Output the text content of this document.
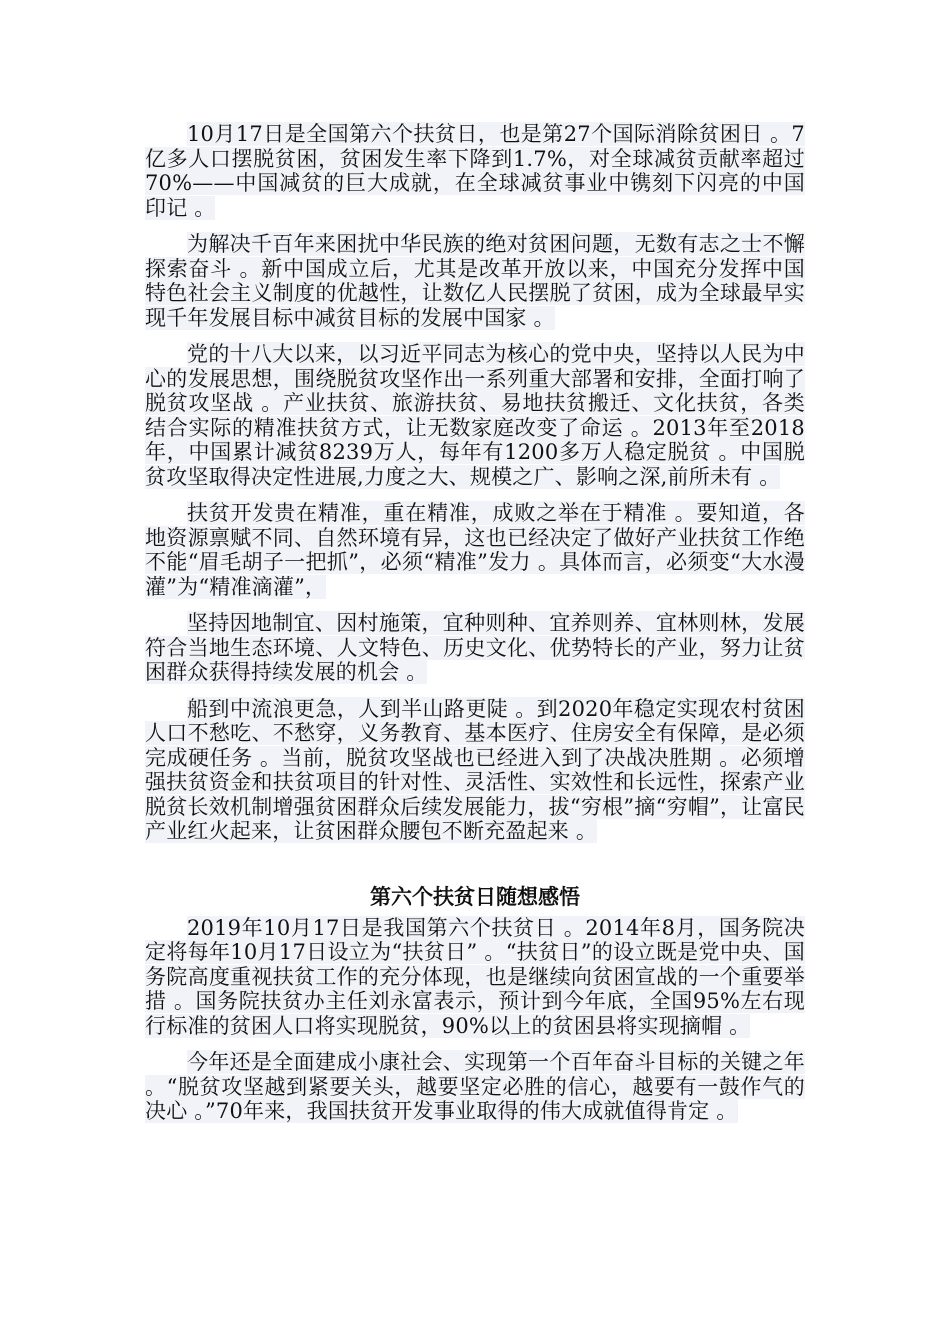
10月17日是全国第六个扶贫日，也是第27个国际消除贫困日 。7亿多人口摆脱贫困，贫困发生率下降到1.7%，对全球减贫贡献率超过70%——中国减贫的巨大成就，在全球减贫事业中镌刻下闪亮的中国印记 。

为解决千百年来困扰中华民族的绝对贫困问题，无数有志之士不懈探索奋斗 。新中国成立后，尤其是改革开放以来，中国充分发挥中国特色社会主义制度的优越性，让数亿人民摆脱了贫困，成为全球最早实现千年发展目标中减贫目标的发展中国家 。

党的十八大以来，以习近平同志为核心的党中央，坚持以人民为中心的发展思想，围绕脱贫攻坚作出一系列重大部署和安排，全面打响了脱贫攻坚战 。产业扶贫、旅游扶贫、易地扶贫搬迁、文化扶贫，各类结合实际的精准扶贫方式，让无数家庭改变了命运 。2013年至2018年，中国累计减贫8239万人，每年有1200多万人稳定脱贫 。中国脱贫攻坚取得决定性进展,力度之大、规模之广、影响之深,前所未有 。

扶贫开发贵在精准，重在精准，成败之举在于精准 。要知道，各地资源禀赋不同、自然环境有异，这也已经决定了做好产业扶贫工作绝不能“眉毛胡子一把抓”，必须“精准”发力 。具体而言，必须变“大水漫灌”为“精准滴灌”，

坚持因地制宜、因村施策，宜种则种、宜养则养、宜林则林，发展符合当地生态环境、人文特色、历史文化、优势特长的产业，努力让贫困群众获得持续发展的机会 。

船到中流浪更急，人到半山路更陡 。到2020年稳定实现农村贫困人口不愁吃、不愁穿，义务教育、基本医疗、住房安全有保障，是必须完成硬任务 。当前，脱贫攻坚战也已经进入到了决战决胜期 。必须增强扶贫资金和扶贫项目的针对性、灵活性、实效性和长远性，探索产业脱贫长效机制增强贫困群众后续发展能力，拔“穷根”摘“穷帽”，让富民产业红火起来，让贫困群众腰包不断充盈起来 。

第六个扶贫日随想感悟

2019年10月17日是我国第六个扶贫日 。2014年8月，国务院决定将每年10月17日设立为“扶贫日” 。“扶贫日”的设立既是党中央、国务院高度重视扶贫工作的充分体现，也是继续向贫困宣战的一个重要举措 。国务院扶贫办主任刘永富表示，预计到今年底，全国95%左右现行标准的贫困人口将实现脱贫，90%以上的贫困县将实现摘帽 。

今年还是全面建成小康社会、实现第一个百年奋斗目标的关键之年 。“脱贫攻坚越到紧要关头，越要坚定必胜的信心，越要有一鼓作气的决心 。”70年来，我国扶贫开发事业取得的伟大成就值得肯定 。
